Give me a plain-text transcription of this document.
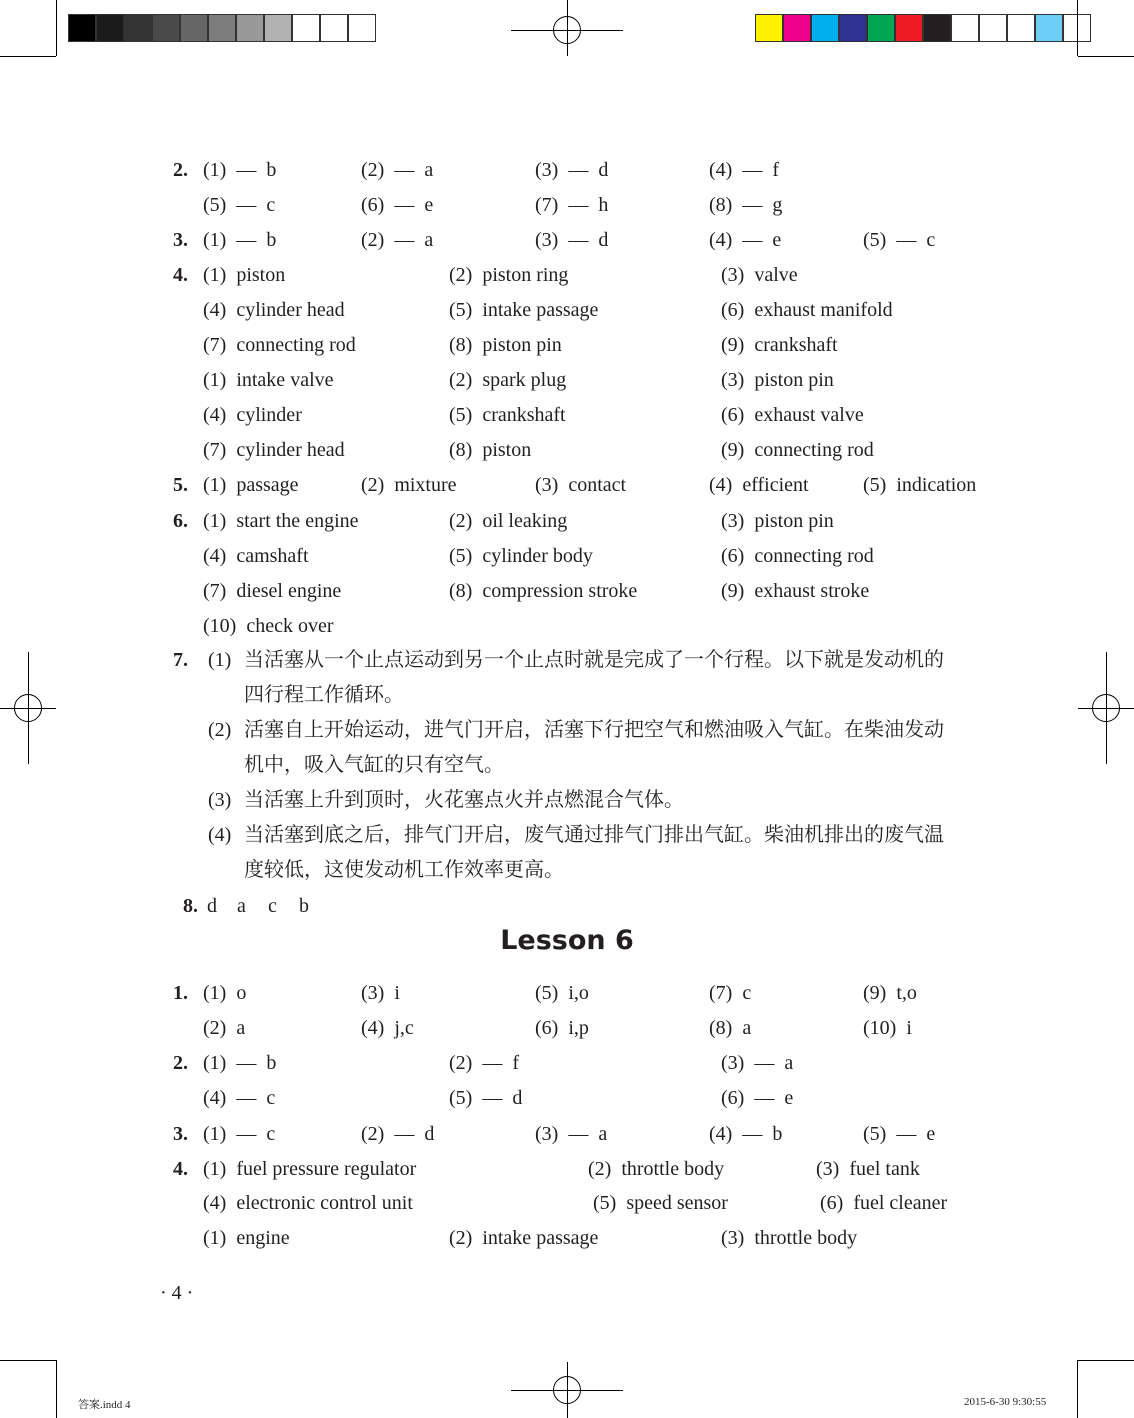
2. (1)  —  b	(2)  —  a	(3)  —  d	(4)  —  f
(5)  —  c	(6)  —  e	(7)  —  h	(8)  —  g
3. (1)  —  b	(2)  —  a	(3)  —  d	(4)  —  e	(5)  —  c
4. (1)  piston	(2)  piston ring	(3)  valve
(4)  cylinder head	(5)  intake passage	(6)  exhaust manifold
(7)  connecting rod	(8)  piston pin	(9)  crankshaft
(1)  intake valve	(2)  spark plug	(3)  piston pin
(4)  cylinder	(5)  crankshaft	(6)  exhaust valve
(7)  cylinder head	(8)  piston	(9)  connecting rod
5. (1)  passage	(2)  mixture	(3)  contact	(4)  efficient	(5)  indication
6. (1)  start the engine	(2)  oil leaking	(3)  piston pin
(4)  camshaft	(5)  cylinder body	(6)  connecting rod
(7)  diesel engine	(8)  compression stroke	(9)  exhaust stroke
(10)  check over
7. (1) 当活塞从一个止点运动到另一个止点时就是完成了一个行程。以下就是发动机的
四行程工作循环。
(2) 活塞自上开始运动，进气门开启，活塞下行把空气和燃油吸入气缸。在柴油发动
机中，吸入气缸的只有空气。
(3) 当活塞上升到顶时，火花塞点火并点燃混合气体。
(4) 当活塞到底之后，排气门开启，废气通过排气门排出气缸。柴油机排出的废气温
度较低，这使发动机工作效率更高。
8. d a c b
Lesson 6
1. (1)  o	(3)  i	(5)  i,o	(7)  c	(9)  t,o
(2)  a	(4)  j,c	(6)  i,p	(8)  a	(10)  i
2. (1)  —  b	(2)  —  f	(3)  —  a
(4)  —  c	(5)  —  d	(6)  —  e
3. (1)  —  c	(2)  —  d	(3)  —  a	(4)  —  b	(5)  —  e
4. (1)  fuel pressure regulator	(2)  throttle body	(3)  fuel tank
(4)  electronic control unit	(5)  speed sensor	(6)  fuel cleaner
(1)  engine	(2)  intake passage	(3)  throttle body
· 4 ·
答案.indd 4	2015-6-30 9:30:55
